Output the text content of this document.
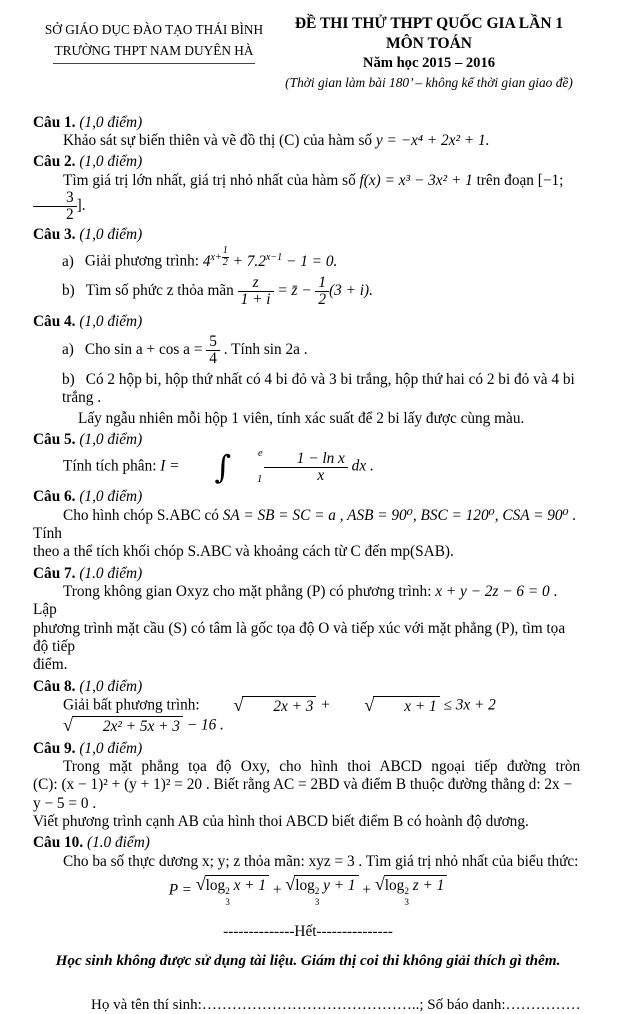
SỞ GIÁO DỤC ĐÀO TẠO THÁI BÌNH
TRƯỜNG THPT NAM DUYÊN HÀ
ĐỀ THI THỬ THPT QUỐC GIA LẦN 1
MÔN TOÁN
Năm học 2015 – 2016
(Thời gian làm bài 180’ – không kể thời gian giao đề)

Câu 1. (1,0 điểm)

Khảo sát sự biến thiên và vẽ đồ thị (C) của hàm số y = −x⁴ + 2x² + 1.

Câu 2. (1,0 điểm)

Tìm giá trị lớn nhất, giá trị nhỏ nhất của hàm số f(x) = x³ − 3x² + 1 trên đoạn [−1;
$\frac{3}{2}$ ].

Câu 3. (1,0 điểm)

a) Giải phương trình: $4^{x+ \frac{1}{2}} + 7.2^{x-1} - 1 = 0$.

b) Tìm số phức z thỏa mãn $\frac{z}{1 + i}$ = z̄ − $\frac{1}{2} (3 + i)$.

Câu 4. (1,0 điểm)

a) Cho $\sin a + \cos a = \frac{5}{4}$ . Tính sin 2a .

b) Có 2 hộp bi, hộp thứ nhất có 4 bi đỏ và 3 bi trắng, hộp thứ hai có 2 bi đỏ và 4 bi trắng .

Lấy ngẫu nhiên mỗi hộp 1 viên, tính xác suất để 2 bi lấy được cùng màu.

Câu 5. (1,0 điểm)

Tính tích phân: I = ∫	e
$1 \frac{\text{1 − ln x}}{x}$ dx .

Câu 6. (1,0 điểm)

Cho hình chóp S.ABC có SA = SB = SC = a , ASB = 90⁰, BSC = 120⁰, CSA = 90⁰ . Tính

theo a thể tích khối chóp S.ABC và khoảng cách từ C đến mp(SAB).

Câu 7. (1.0 điểm)

Trong không gian Oxyz cho mặt phẳng (P) có phương trình: x + y − 2z − 6 = 0 . Lập

phương trình mặt cầu (S) có tâm là gốc tọa độ O và tiếp xúc với mặt phẳng (P), tìm tọa độ tiếp

điểm.

Câu 8. (1,0 điểm)

Giải bất phương trình:	√	2x + 3 +	√	x + 1 ≤ 3x + 2
√	2x² + 5x + 3 − 16 .

Câu 9. (1,0 điểm)

Trong mặt phẳng tọa độ Oxy, cho hình thoi ABCD ngoại tiếp đường tròn

(C): (x − 1)² + (y + 1)² = 20 . Biết rằng AC = 2BD và điểm B thuộc đường thẳng d: 2x − y − 5 = 0 .

Viết phương trình cạnh AB của hình thoi ABCD biết điểm B có hoành độ dương.

Câu 10. (1.0 điểm)

Cho ba số thực dương x; y; z thỏa mãn: xyz = 3 . Tìm giá trị nhỏ nhất của biểu thức:

P = √ log 2
3
x + 1 + √ log 2
3
y + 1 + √ log 2
3
z + 1

--------------Hết---------------

Học sinh không được sử dụng tài liệu. Giám thị coi thi không giải thích gì thêm.

Họ và tên thí sinh:……………………………………..; Số báo danh:……………
